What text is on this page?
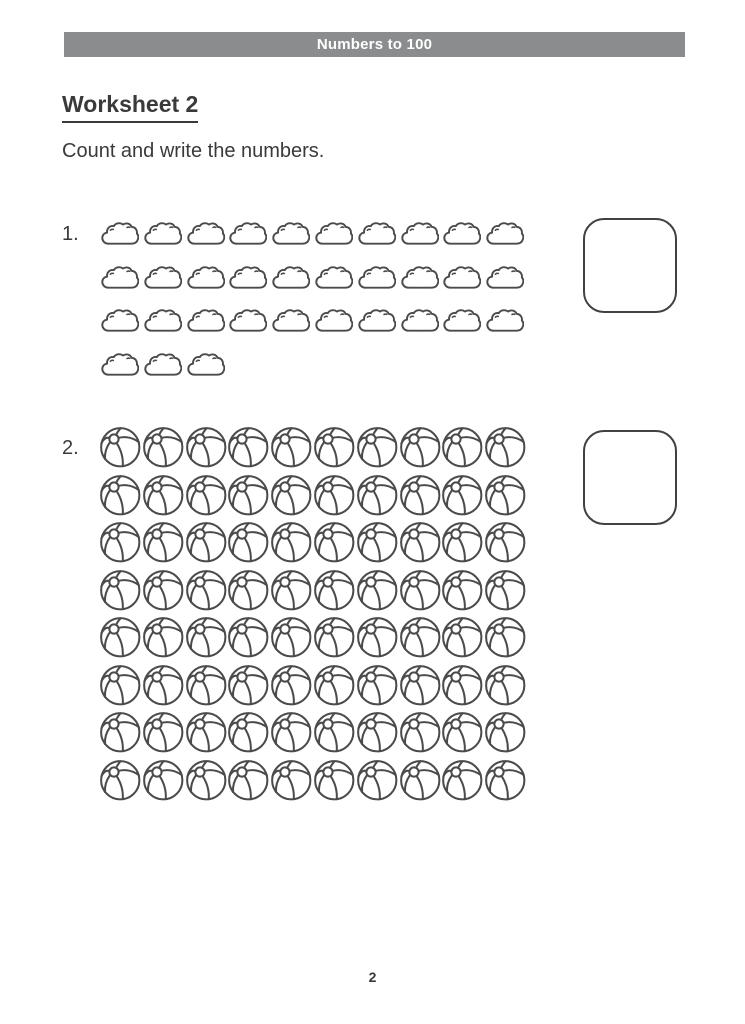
Numbers to 100
Worksheet 2
Count and write the numbers.
1.
2.
2
